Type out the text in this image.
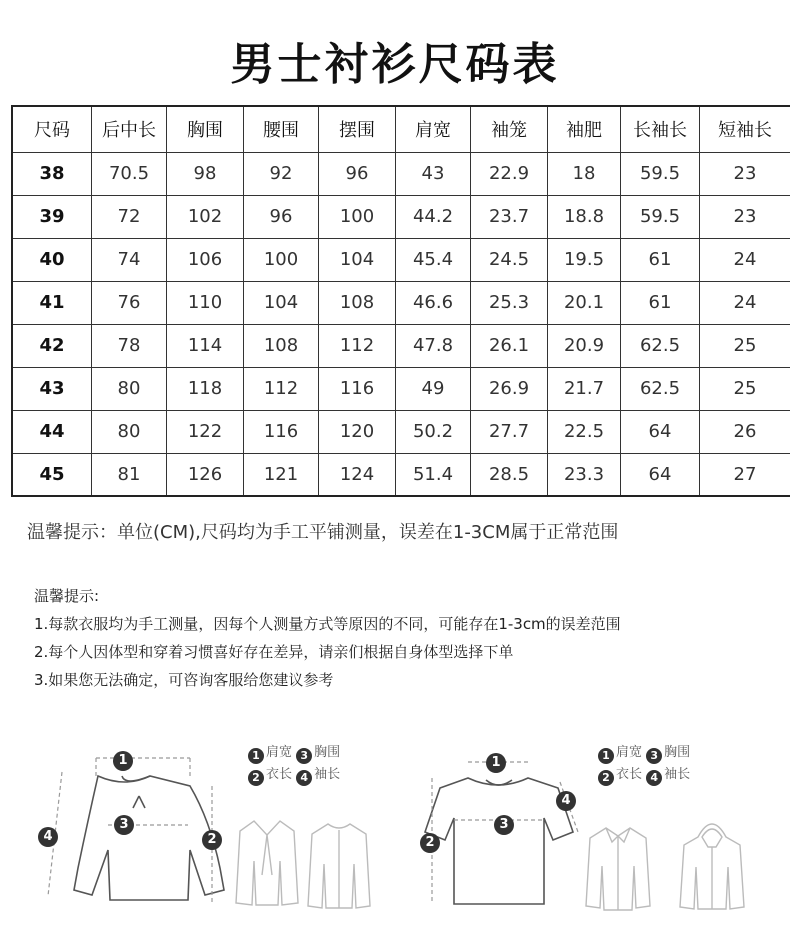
男士衬衫尺码表
尺码	后中长	胸围	腰围	摆围	肩宽	袖笼	袖肥	长袖长	短袖长
38	70.5	98	92	96	43	22.9	18	59.5	23
39	72	102	96	100	44.2	23.7	18.8	59.5	23
40	74	106	100	104	45.4	24.5	19.5	61	24
41	76	110	104	108	46.6	25.3	20.1	61	24
42	78	114	108	112	47.8	26.1	20.9	62.5	25
43	80	118	112	116	49	26.9	21.7	62.5	25
44	80	122	116	120	50.2	27.7	22.5	64	26
45	81	126	121	124	51.4	28.5	23.3	64	27
温馨提示：单位(CM),尺码均为手工平铺测量，误差在1-3CM属于正常范围
温馨提示:
1.每款衣服均为手工测量，因每个人测量方式等原因的不同，可能存在1-3cm的误差范围
2.每个人因体型和穿着习惯喜好存在差异，请亲们根据自身体型选择下单
3.如果您无法确定，可咨询客服给您建议参考
1
3
2
4
1 肩宽 3 胸围
2 衣长 4 袖长
1
3
2
4
1 肩宽 3 胸围
2 衣长 4 袖长
